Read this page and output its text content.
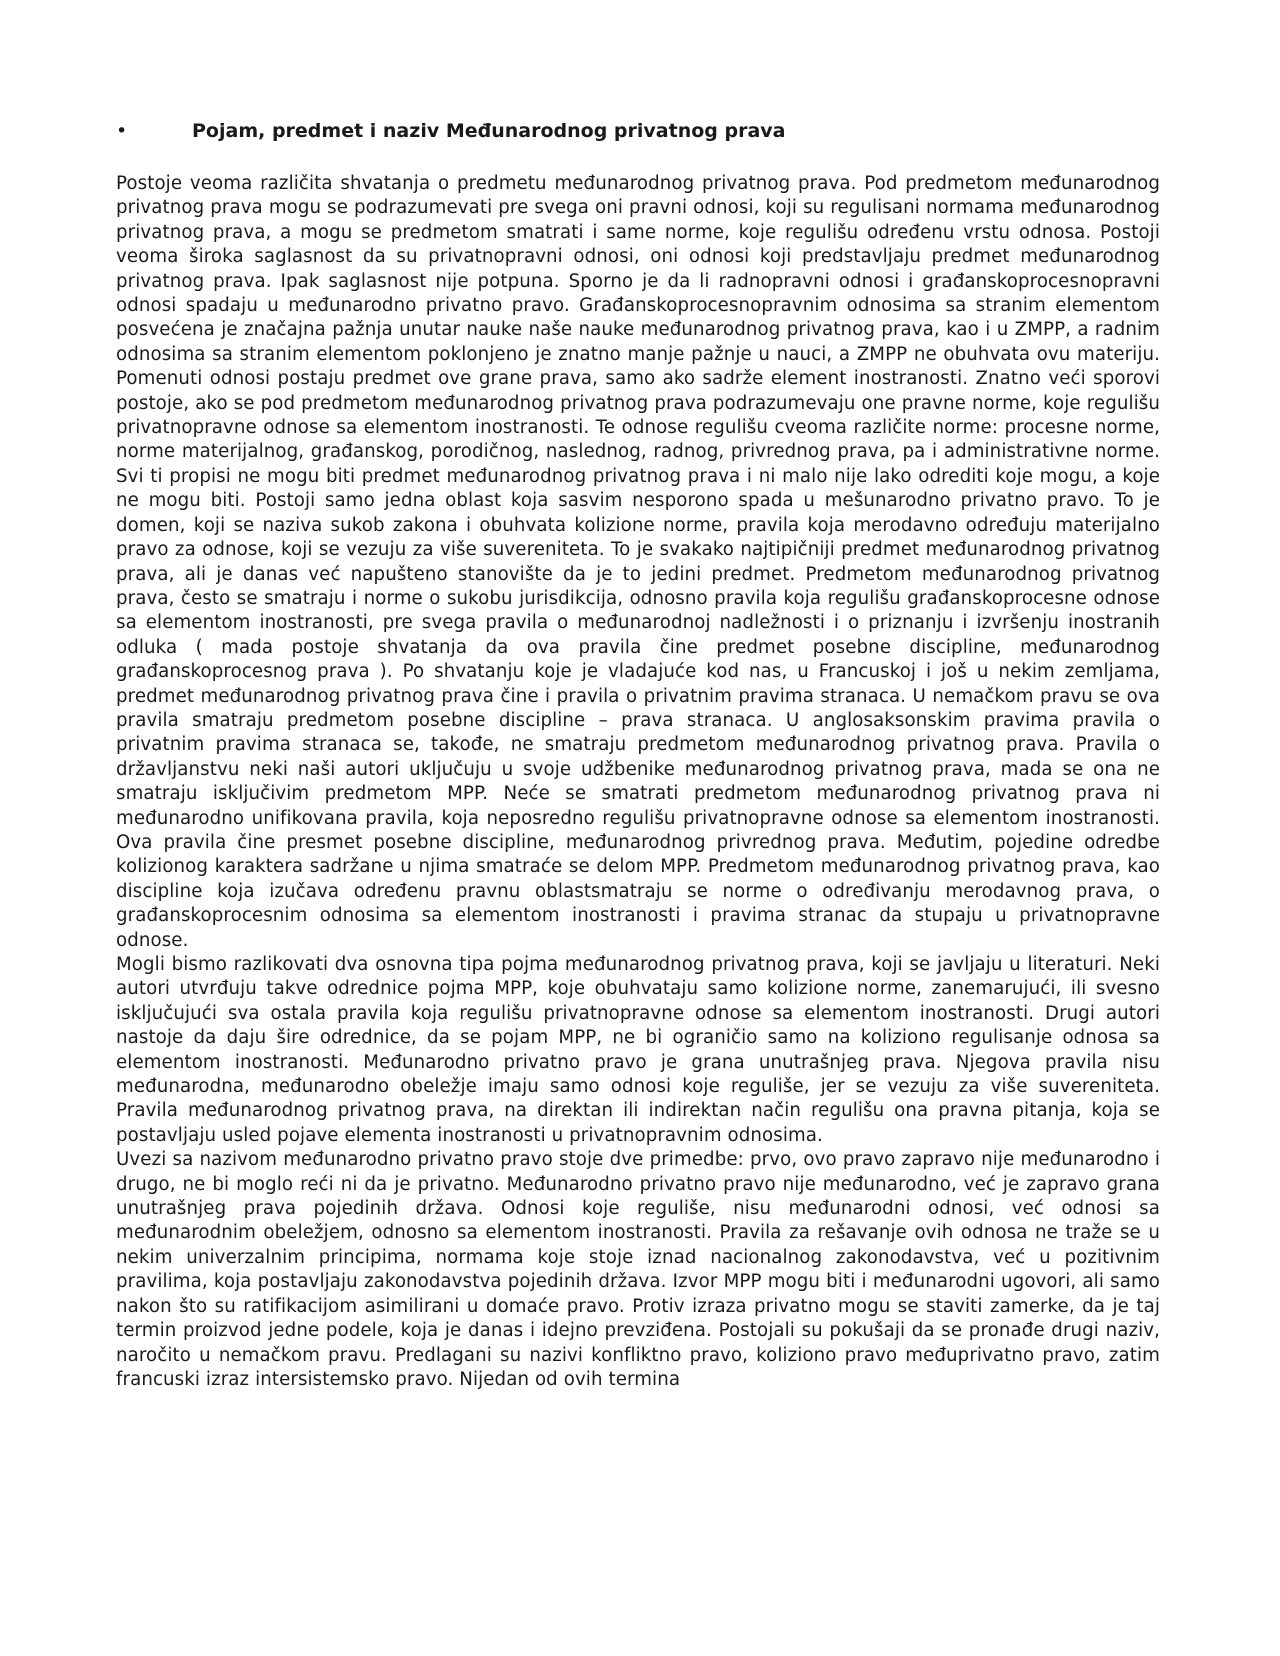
•	Pojam, predmet i naziv Međunarodnog privatnog prava

Postoje veoma različita shvatanja o predmetu međunarodnog privatnog prava. Pod predmetom međunarodnog privatnog prava mogu se podrazumevati pre svega oni pravni odnosi, koji su regulisani normama međunarodnog privatnog prava, a mogu se predmetom smatrati i same norme, koje regulišu određenu vrstu odnosa. Postoji veoma široka saglasnost da su privatnopravni odnosi, oni odnosi koji predstavljaju predmet međunarodnog privatnog prava. Ipak saglasnost nije potpuna. Sporno je da li radnopravni odnosi i građanskoprocesnopravni odnosi spadaju u međunarodno privatno pravo. Građanskoprocesnopravnim odnosima sa stranim elementom posvećena je značajna pažnja unutar nauke naše nauke međunarodnog privatnog prava, kao i u ZMPP, a radnim odnosima sa stranim elementom poklonjeno je znatno manje pažnje u nauci, a ZMPP ne obuhvata ovu materiju. Pomenuti odnosi postaju predmet ove grane prava, samo ako sadrže element inostranosti. Znatno veći sporovi postoje, ako se pod predmetom međunarodnog privatnog prava podrazumevaju one pravne norme, koje regulišu privatnopravne odnose sa elementom inostranosti. Te odnose regulišu cveoma različite norme: procesne norme, norme materijalnog, građanskog, porodičnog, naslednog, radnog, privrednog prava, pa i administrativne norme. Svi ti propisi ne mogu biti predmet međunarodnog privatnog prava i ni malo nije lako odrediti koje mogu, a koje ne mogu biti. Postoji samo jedna oblast koja sasvim nesporono spada u mešunarodno privatno pravo. To je domen, koji se naziva sukob zakona i obuhvata kolizione norme, pravila koja merodavno određuju materijalno pravo za odnose, koji se vezuju za više suvereniteta. To je svakako najtipičniji predmet međunarodnog privatnog prava, ali je danas već napušteno stanovište da je to jedini predmet. Predmetom međunarodnog privatnog prava, često se smatraju i norme o sukobu jurisdikcija, odnosno pravila koja regulišu građanskoprocesne odnose sa elementom inostranosti, pre svega pravila o međunarodnoj nadležnosti i o priznanju i izvršenju inostranih odluka ( mada postoje shvatanja da ova pravila čine predmet posebne discipline, međunarodnog građanskoprocesnog prava ). Po shvatanju koje je vladajuće kod nas, u Francuskoj i još u nekim zemljama, predmet međunarodnog privatnog prava čine i pravila o privatnim pravima stranaca. U nemačkom pravu se ova pravila smatraju predmetom posebne discipline – prava stranaca. U anglosaksonskim pravima pravila o privatnim pravima stranaca se, takođe, ne smatraju predmetom međunarodnog privatnog prava. Pravila o državljanstvu neki naši autori uključuju u svoje udžbenike međunarodnog privatnog prava, mada se ona ne smatraju isključivim predmetom MPP. Neće se smatrati predmetom međunarodnog privatnog prava ni međunarodno unifikovana pravila, koja neposredno regulišu privatnopravne odnose sa elementom inostranosti. Ova pravila čine presmet posebne discipline, međunarodnog privrednog prava. Međutim, pojedine odredbe kolizionog karaktera sadržane u njima smatraće se delom MPP. Predmetom međunarodnog privatnog prava, kao discipline koja izučava određenu pravnu oblastsmatraju se norme o određivanju merodavnog prava, o građanskoprocesnim odnosima sa elementom inostranosti i pravima stranac da stupaju u privatnopravne odnose.

Mogli bismo razlikovati dva osnovna tipa pojma međunarodnog privatnog prava, koji se javljaju u literaturi. Neki autori utvrđuju takve odrednice pojma MPP, koje obuhvataju samo kolizione norme, zanemarujući, ili svesno isključujući sva ostala pravila koja regulišu privatnopravne odnose sa elementom inostranosti. Drugi autori nastoje da daju šire odrednice, da se pojam MPP, ne bi ograničio samo na koliziono regulisanje odnosa sa elementom inostranosti. Međunarodno privatno pravo je grana unutrašnjeg prava. Njegova pravila nisu međunarodna, međunarodno obeležje imaju samo odnosi koje reguliše, jer se vezuju za više suvereniteta. Pravila međunarodnog privatnog prava, na direktan ili indirektan način regulišu ona pravna pitanja, koja se postavljaju usled pojave elementa inostranosti u privatnopravnim odnosima.

Uvezi sa nazivom međunarodno privatno pravo stoje dve primedbe: prvo, ovo pravo zapravo nije međunarodno i drugo, ne bi moglo reći ni da je privatno. Međunarodno privatno pravo nije međunarodno, već je zapravo grana unutrašnjeg prava pojedinih država. Odnosi koje reguliše, nisu međunarodni odnosi, već odnosi sa međunarodnim obeležjem, odnosno sa elementom inostranosti. Pravila za rešavanje ovih odnosa ne traže se u nekim univerzalnim principima, normama koje stoje iznad nacionalnog zakonodavstva, već u pozitivnim pravilima, koja postavljaju zakonodavstva pojedinih država. Izvor MPP mogu biti i međunarodni ugovori, ali samo nakon što su ratifikacijom asimilirani u domaće pravo. Protiv izraza privatno mogu se staviti zamerke, da je taj termin proizvod jedne podele, koja je danas i idejno prevziđena. Postojali su pokušaji da se pronađe drugi naziv, naročito u nemačkom pravu. Predlagani su nazivi konfliktno pravo, koliziono pravo međuprivatno pravo, zatim francuski izraz intersistemsko pravo. Nijedan od ovih termina
